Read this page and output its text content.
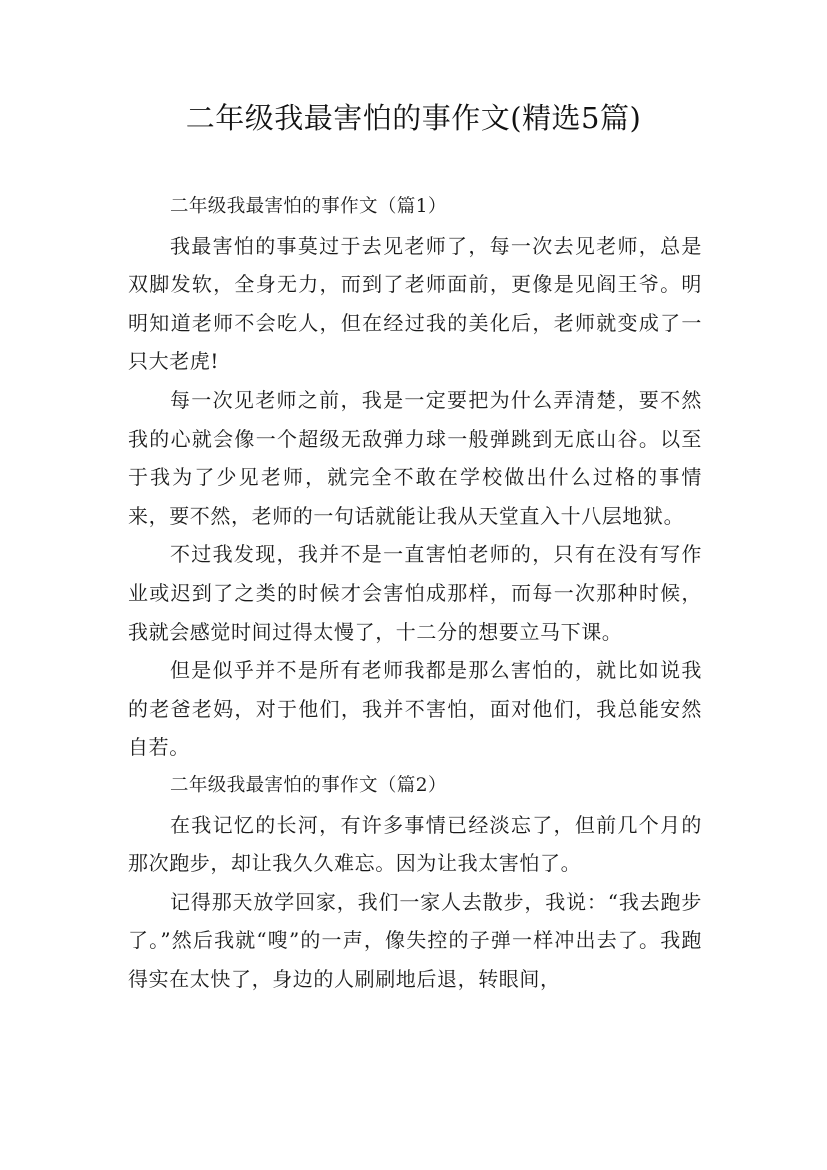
二年级我最害怕的事作文(精选5篇)

二年级我最害怕的事作文（篇1）

我最害怕的事莫过于去见老师了，每一次去见老师，总是双脚发软，全身无力，而到了老师面前，更像是见阎王爷。明明知道老师不会吃人，但在经过我的美化后，老师就变成了一只大老虎!

每一次见老师之前，我是一定要把为什么弄清楚，要不然我的心就会像一个超级无敌弹力球一般弹跳到无底山谷。以至于我为了少见老师，就完全不敢在学校做出什么过格的事情来，要不然，老师的一句话就能让我从天堂直入十八层地狱。

不过我发现，我并不是一直害怕老师的，只有在没有写作业或迟到了之类的时候才会害怕成那样，而每一次那种时候，我就会感觉时间过得太慢了，十二分的想要立马下课。

但是似乎并不是所有老师我都是那么害怕的，就比如说我的老爸老妈，对于他们，我并不害怕，面对他们，我总能安然自若。

二年级我最害怕的事作文（篇2）

在我记忆的长河，有许多事情已经淡忘了，但前几个月的那次跑步，却让我久久难忘。因为让我太害怕了。

记得那天放学回家，我们一家人去散步，我说：“我去跑步了。”然后我就“嗖”的一声，像失控的子弹一样冲出去了。我跑得实在太快了，身边的人刷刷地后退，转眼间，
